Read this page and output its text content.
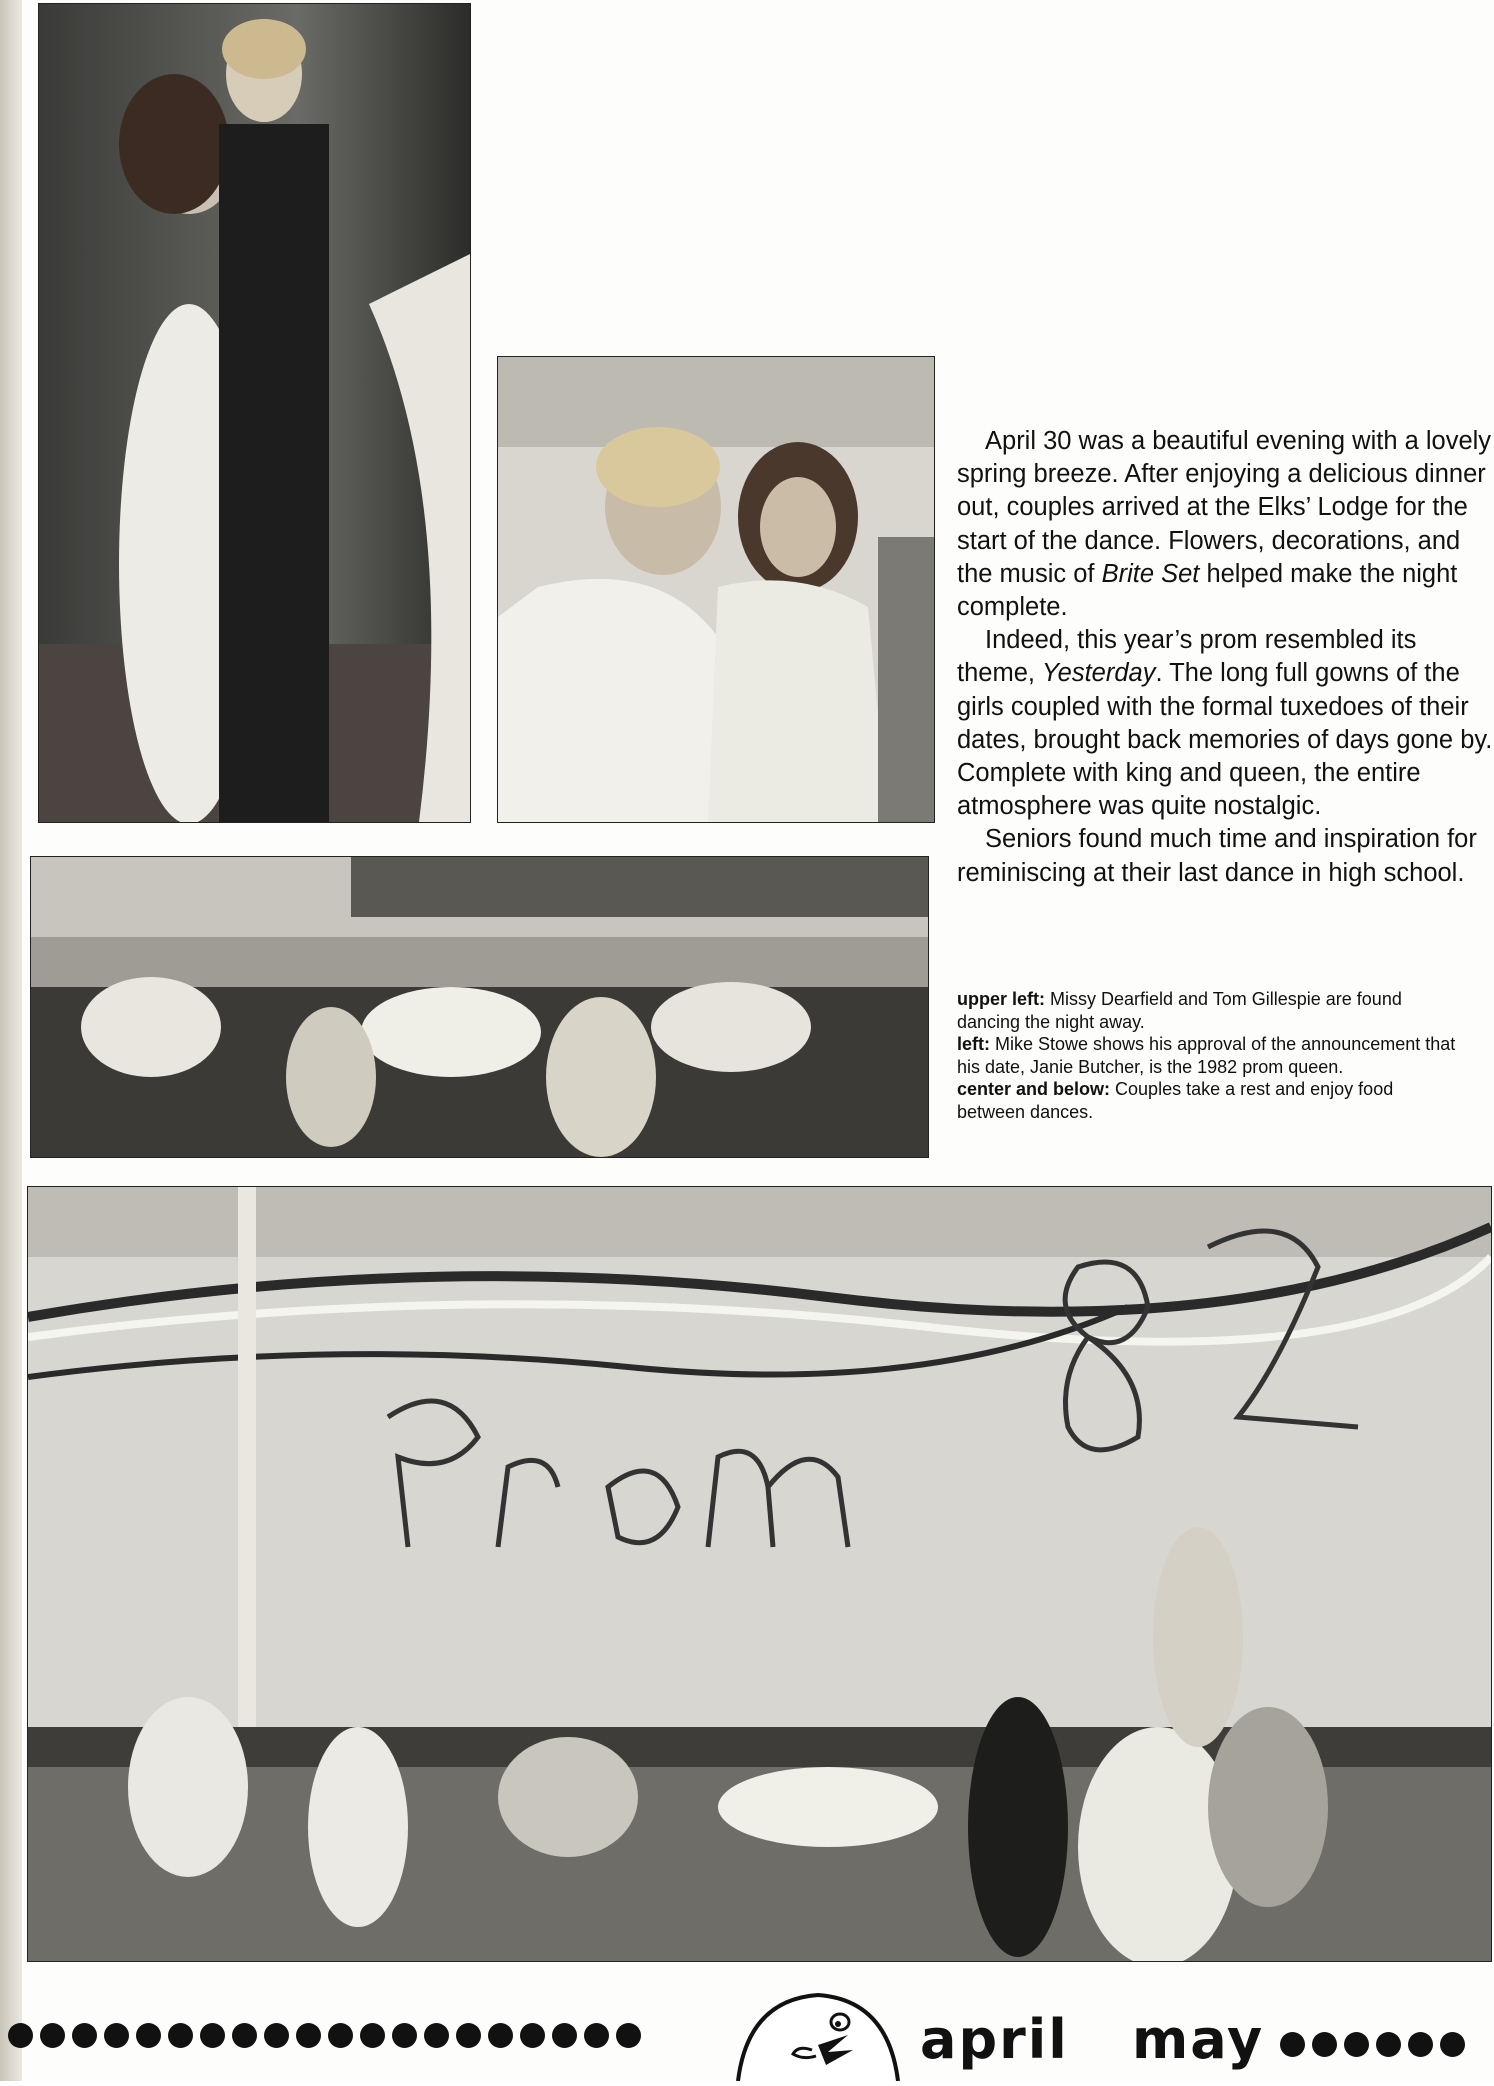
April 30 was a beautiful evening with a lovely spring breeze. After enjoying a delicious dinner out, couples arrived at the Elks’ Lodge for the start of the dance. Flowers, decorations, and the music of Brite Set helped make the night complete.

Indeed, this year’s prom resembled its theme, Yesterday. The long full gowns of the girls coupled with the formal tuxedoes of their dates, brought back memories of days gone by. Complete with king and queen, the entire atmosphere was quite nostalgic.

Seniors found much time and inspiration for reminiscing at their last dance in high school.

upper left: Missy Dearfield and Tom Gillespie are found dancing the night away.

left: Mike Stowe shows his approval of the announcement that his date, Janie Butcher, is the 1982 prom queen.

center and below: Couples take a rest and enjoy food between dances.

april may
